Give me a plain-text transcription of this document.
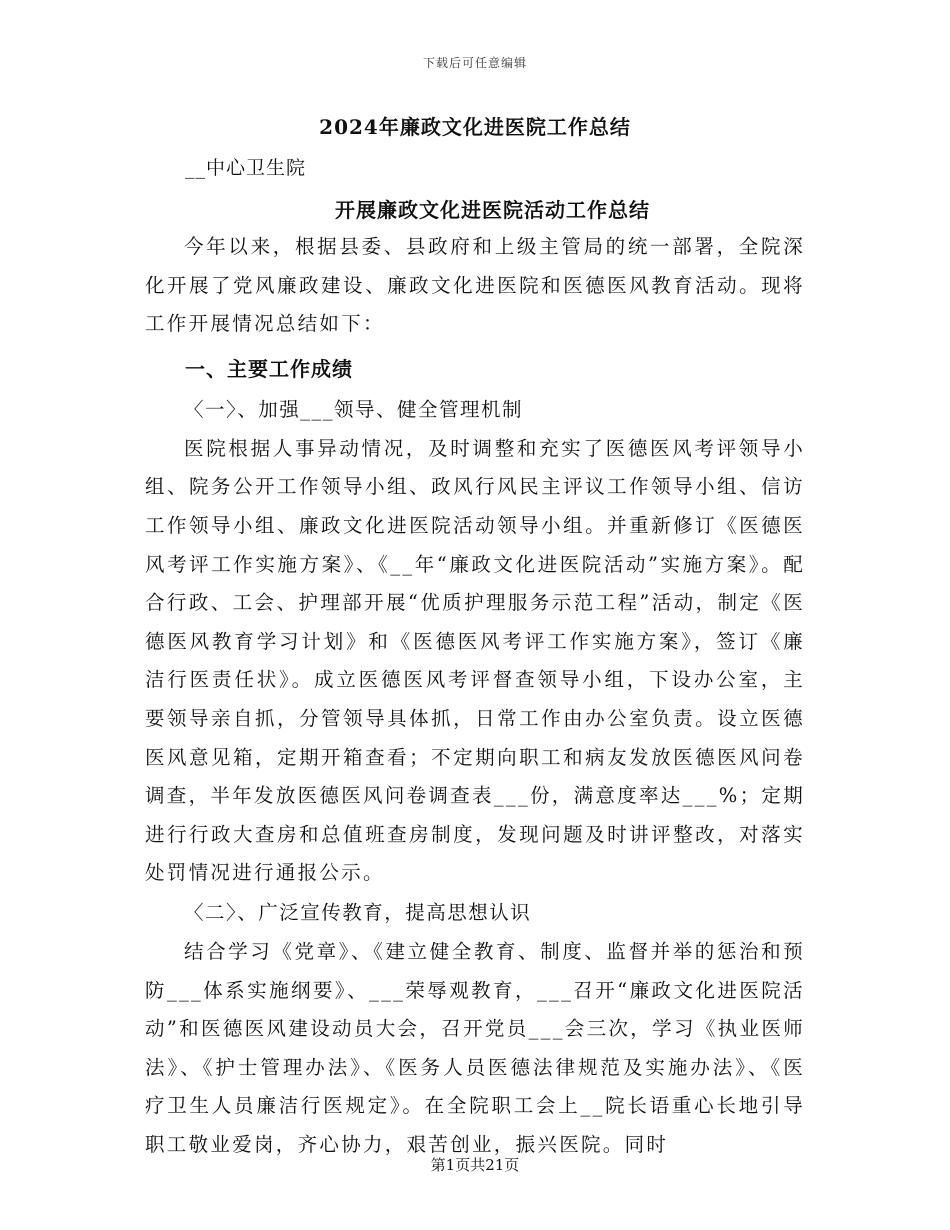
下载后可任意编辑
2024年廉政文化进医院工作总结
__中心卫生院
开展廉政文化进医院活动工作总结

今年以来，根据县委、县政府和上级主管局的统一部署，全院深化开展了党风廉政建设、廉政文化进医院和医德医风教育活动。现将工作开展情况总结如下：

一、主要工作成绩
〈一〉、加强___领导、健全管理机制

医院根据人事异动情况，及时调整和充实了医德医风考评领导小组、院务公开工作领导小组、政风行风民主评议工作领导小组、信访工作领导小组、廉政文化进医院活动领导小组。并重新修订《医德医风考评工作实施方案》、《__年“廉政文化进医院活动”实施方案》。配合行政、工会、护理部开展“优质护理服务示范工程”活动，制定《医德医风教育学习计划》和《医德医风考评工作实施方案》，签订《廉洁行医责任状》。成立医德医风考评督查领导小组，下设办公室，主要领导亲自抓，分管领导具体抓，日常工作由办公室负责。设立医德医风意见箱，定期开箱查看；不定期向职工和病友发放医德医风问卷调查，半年发放医德医风问卷调查表___份，满意度率达___%；定期进行行政大查房和总值班查房制度，发现问题及时讲评整改，对落实处罚情况进行通报公示。

〈二〉、广泛宣传教育，提高思想认识

结合学习《党章》、《建立健全教育、制度、监督并举的惩治和预防___体系实施纲要》、___荣辱观教育，___召开“廉政文化进医院活动”和医德医风建设动员大会，召开党员___会三次，学习《执业医师法》、《护士管理办法》、《医务人员医德法律规范及实施办法》、《医疗卫生人员廉洁行医规定》。在全院职工会上__院长语重心长地引导职工敬业爱岗，齐心协力，艰苦创业，振兴医院。同时

第1页共21页
